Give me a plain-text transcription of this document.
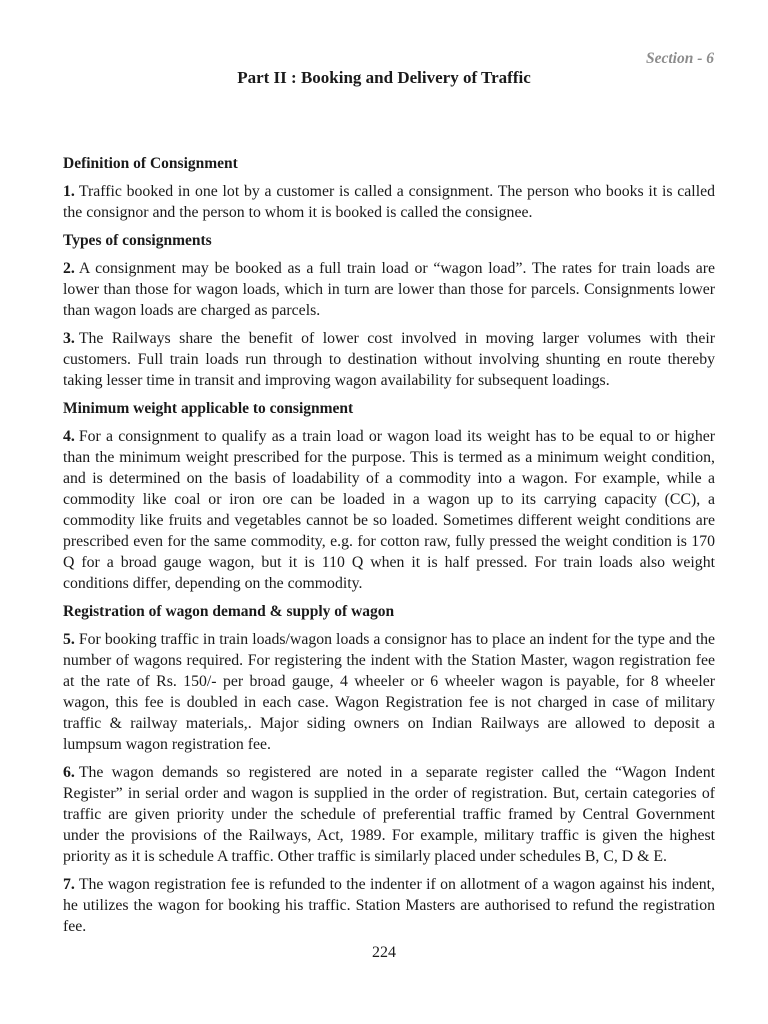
Section - 6
Part II : Booking and Delivery of Traffic
Definition of Consignment

1. Traffic booked in one lot by a customer is called a consignment. The person who books it is called the consignor and the person to whom it is booked is called the consignee.

Types of consignments

2. A consignment may be booked as a full train load or “wagon load”. The rates for train loads are lower than those for wagon loads, which in turn are lower than those for parcels. Consignments lower than wagon loads are charged as parcels.

3. The Railways share the benefit of lower cost involved in moving larger volumes with their customers. Full train loads run through to destination without involving shunting en route thereby taking lesser time in transit and improving wagon availability for subsequent loadings.

Minimum weight applicable to consignment

4. For a consignment to qualify as a train load or wagon load its weight has to be equal to or higher than the minimum weight prescribed for the purpose. This is termed as a minimum weight condition, and is determined on the basis of loadability of a commodity into a wagon. For example, while a commodity like coal or iron ore can be loaded in a wagon up to its carrying capacity (CC), a commodity like fruits and vegetables cannot be so loaded. Sometimes different weight conditions are prescribed even for the same commodity, e.g. for cotton raw, fully pressed the weight condition is 170 Q for a broad gauge wagon, but it is 110 Q when it is half pressed. For train loads also weight conditions differ, depending on the commodity.

Registration of wagon demand & supply of wagon

5. For booking traffic in train loads/wagon loads a consignor has to place an indent for the type and the number of wagons required. For registering the indent with the Station Master, wagon registration fee at the rate of Rs. 150/- per broad gauge, 4 wheeler or 6 wheeler wagon is payable, for 8 wheeler wagon, this fee is doubled in each case. Wagon Registration fee is not charged in case of military traffic & railway materials,. Major siding owners on Indian Railways are allowed to deposit a lumpsum wagon registration fee.

6. The wagon demands so registered are noted in a separate register called the “Wagon Indent Register” in serial order and wagon is supplied in the order of registration. But, certain categories of traffic are given priority under the schedule of preferential traffic framed by Central Government under the provisions of the Railways, Act, 1989. For example, military traffic is given the highest priority as it is schedule A traffic. Other traffic is similarly placed under schedules B, C, D & E.

7. The wagon registration fee is refunded to the indenter if on allotment of a wagon against his indent, he utilizes the wagon for booking his traffic. Station Masters are authorised to refund the registration fee.

224
